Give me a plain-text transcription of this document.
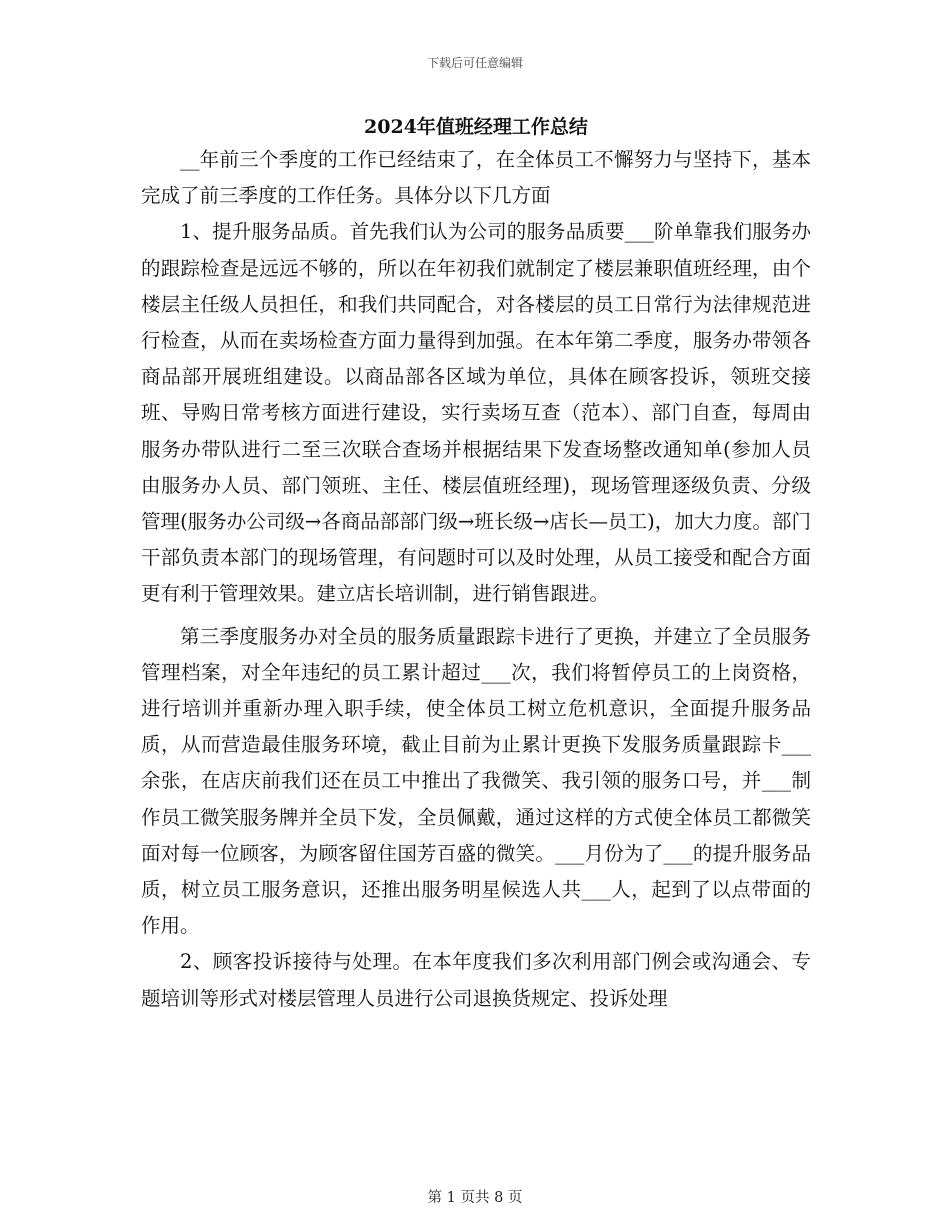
下载后可任意编辑
2024年值班经理工作总结

__年前三个季度的工作已经结束了，在全体员工不懈努力与坚持下，基本完成了前三季度的工作任务。具体分以下几方面

1、提升服务品质。首先我们认为公司的服务品质要___阶单靠我们服务办的跟踪检查是远远不够的，所以在年初我们就制定了楼层兼职值班经理，由个楼层主任级人员担任，和我们共同配合，对各楼层的员工日常行为法律规范进行检查，从而在卖场检查方面力量得到加强。在本年第二季度，服务办带领各商品部开展班组建设。以商品部各区域为单位，具体在顾客投诉，领班交接班、导购日常考核方面进行建设，实行卖场互查（范本）、部门自查，每周由服务办带队进行二至三次联合查场并根据结果下发查场整改通知单(参加人员由服务办人员、部门领班、主任、楼层值班经理)，现场管理逐级负责、分级管理(服务办公司级→各商品部部门级→班长级→店长—员工)，加大力度。部门干部负责本部门的现场管理，有问题时可以及时处理，从员工接受和配合方面更有利于管理效果。建立店长培训制，进行销售跟进。

第三季度服务办对全员的服务质量跟踪卡进行了更换，并建立了全员服务管理档案，对全年违纪的员工累计超过___次，我们将暂停员工的上岗资格，进行培训并重新办理入职手续，使全体员工树立危机意识，全面提升服务品质，从而营造最佳服务环境，截止目前为止累计更换下发服务质量跟踪卡___余张，在店庆前我们还在员工中推出了我微笑、我引领的服务口号，并___制作员工微笑服务牌并全员下发，全员佩戴，通过这样的方式使全体员工都微笑面对每一位顾客，为顾客留住国芳百盛的微笑。___月份为了___的提升服务品质，树立员工服务意识，还推出服务明星候选人共___人，起到了以点带面的作用。

2、顾客投诉接待与处理。在本年度我们多次利用部门例会或沟通会、专题培训等形式对楼层管理人员进行公司退换货规定、投诉处理

第 1 页共 8 页
